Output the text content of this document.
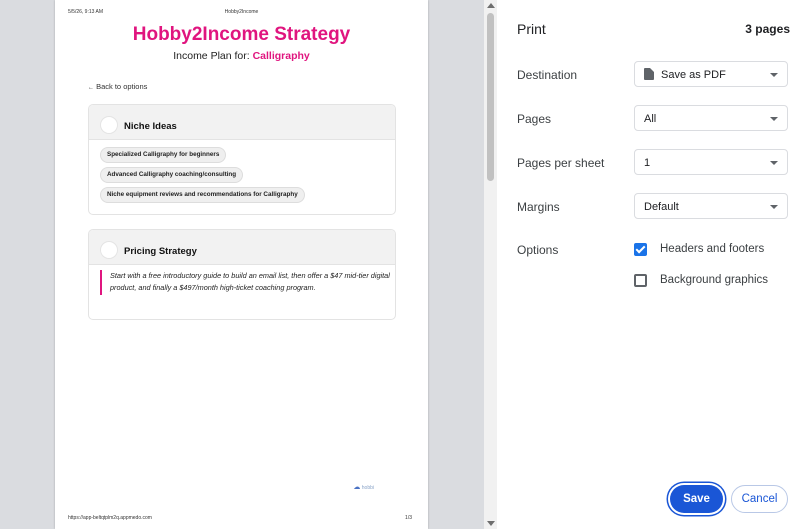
5/5/26, 9:13 AM	Hobby2Income
Hobby2Income Strategy
Income Plan for: Calligraphy
← Back to options
Niche Ideas
Specialized Calligraphy for beginners
Advanced Calligraphy coaching/consulting
Niche equipment reviews and recommendations for Calligraphy
Pricing Strategy
Start with a free introductory guide to build an email list, then offer a $47 mid-tier digital product, and finally a $497/month high-ticket coaching program.
☁ hobbi
https://app-beltqtplm2q.appmedo.com	1/3
Print	3 pages
Destination	Save as PDF
Pages	All
Pages per sheet	1
Margins	Default
Options	Headers and footers
Background graphics
Save	Cancel
